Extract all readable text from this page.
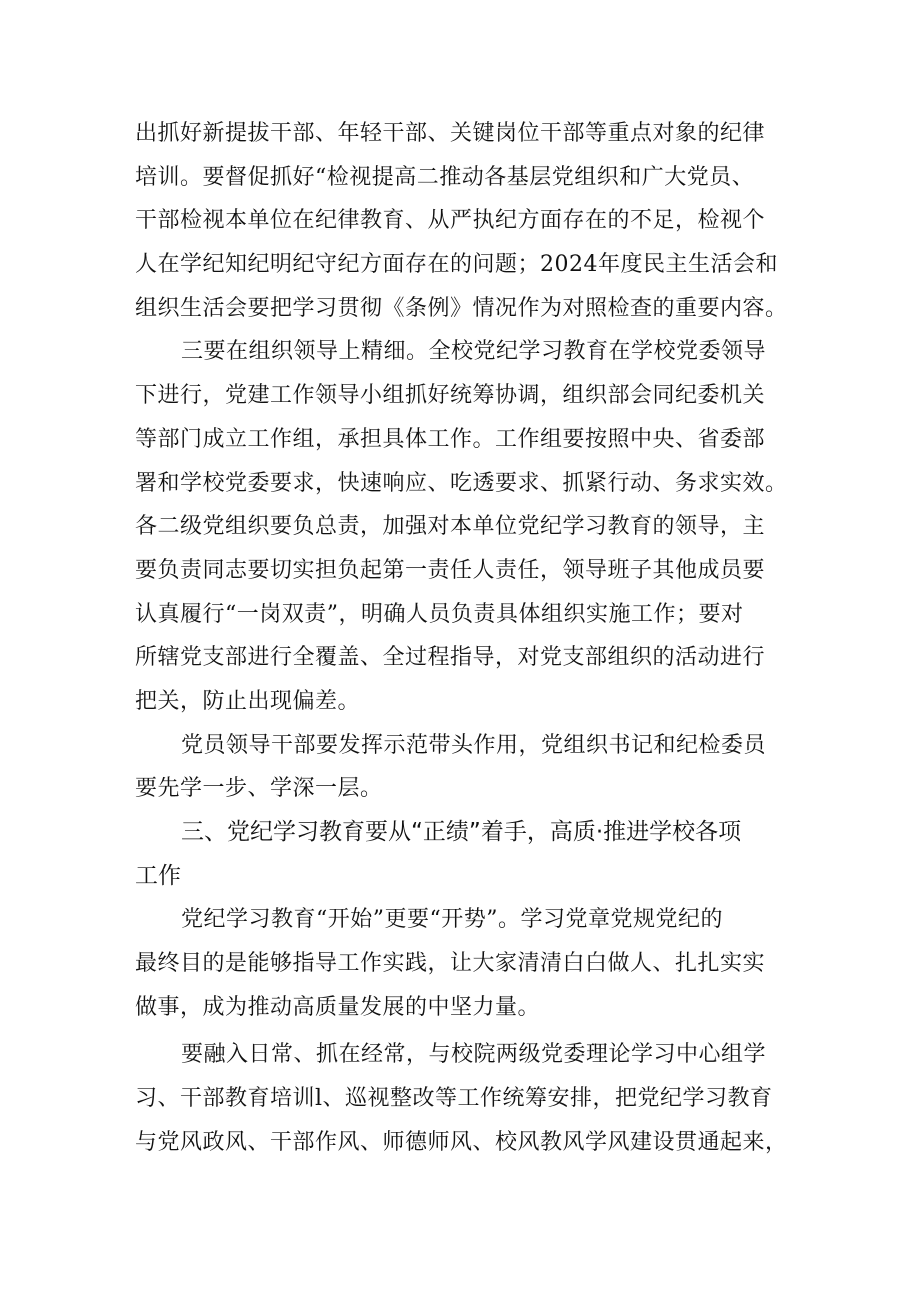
出抓好新提拔干部、年轻干部、关键岗位干部等重点对象的纪律
培训。要督促抓好“检视提高二推动各基层党组织和广大党员、
干部检视本单位在纪律教育、从严执纪方面存在的不足，检视个
人在学纪知纪明纪守纪方面存在的问题；2024年度民主生活会和
组织生活会要把学习贯彻《条例》情况作为对照检查的重要内容。
三要在组织领导上精细。全校党纪学习教育在学校党委领导
下进行，党建工作领导小组抓好统筹协调，组织部会同纪委机关
等部门成立工作组，承担具体工作。工作组要按照中央、省委部
署和学校党委要求，快速响应、吃透要求、抓紧行动、务求实效。
各二级党组织要负总责，加强对本单位党纪学习教育的领导，主
要负责同志要切实担负起第一责任人责任，领导班子其他成员要
认真履行“一岗双责”，明确人员负责具体组织实施工作；要对
所辖党支部进行全覆盖、全过程指导，对党支部组织的活动进行
把关，防止出现偏差。
党员领导干部要发挥示范带头作用，党组织书记和纪检委员
要先学一步、学深一层。
三、党纪学习教育要从“正绩”着手，高质·推进学校各项
工作
党纪学习教育“开始”更要“开势”。学习党章党规党纪的
最终目的是能够指导工作实践，让大家清清白白做人、扎扎实实
做事，成为推动高质量发展的中坚力量。
要融入日常、抓在经常，与校院两级党委理论学习中心组学
习、干部教育培训l、巡视整改等工作统筹安排，把党纪学习教育
与党风政风、干部作风、师德师风、校风教风学风建设贯通起来，
